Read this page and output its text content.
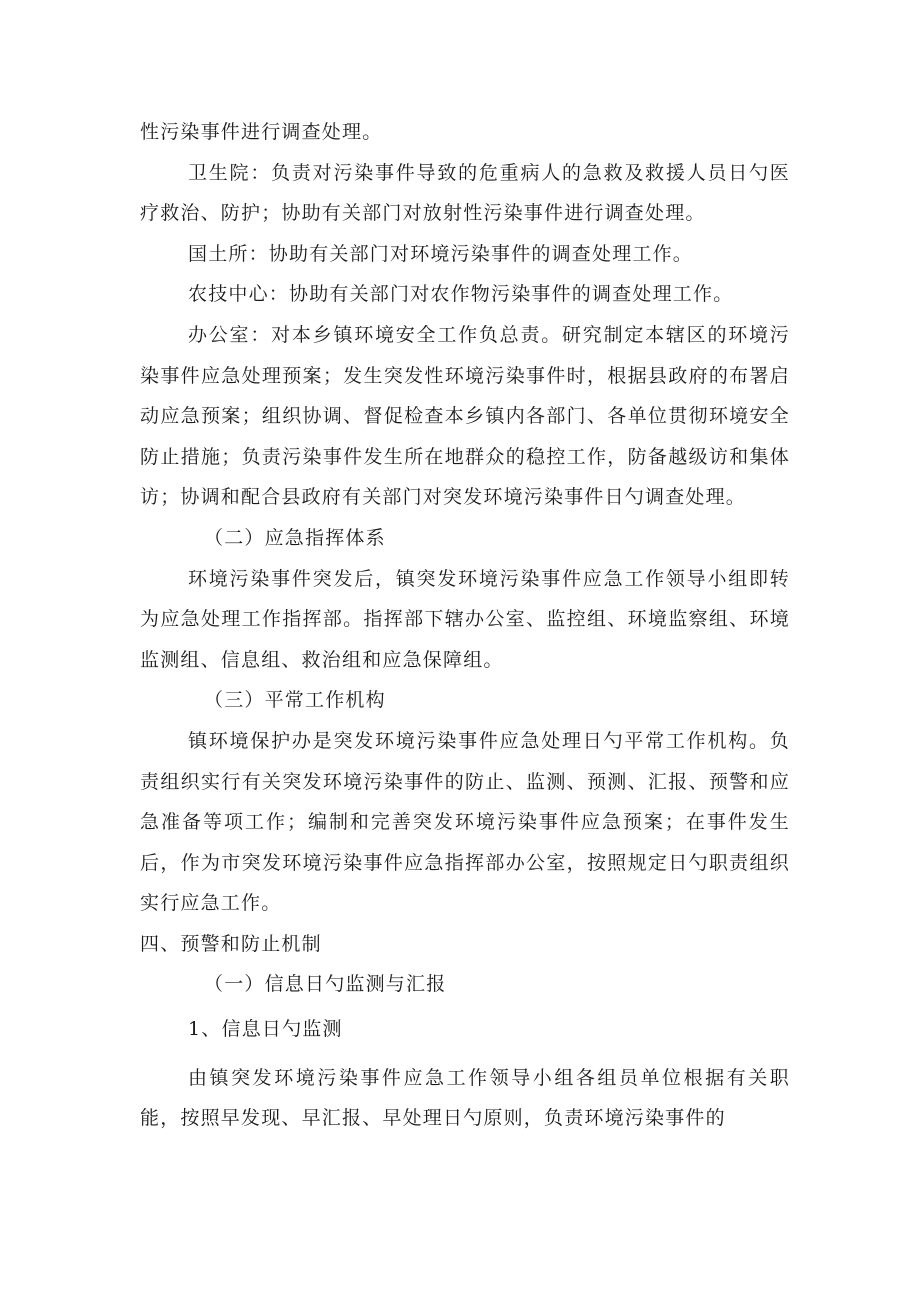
性污染事件进行调查处理。

卫生院：负责对污染事件导致的危重病人的急救及救援人员日勺医疗救治、防护；协助有关部门对放射性污染事件进行调查处理。

国土所：协助有关部门对环境污染事件的调查处理工作。

农技中心：协助有关部门对农作物污染事件的调查处理工作。

办公室：对本乡镇环境安全工作负总责。研究制定本辖区的环境污染事件应急处理预案；发生突发性环境污染事件时，根据县政府的布署启动应急预案；组织协调、督促检查本乡镇内各部门、各单位贯彻环境安全防止措施；负责污染事件发生所在地群众的稳控工作，防备越级访和集体访；协调和配合县政府有关部门对突发环境污染事件日勺调查处理。

（二）应急指挥体系

环境污染事件突发后，镇突发环境污染事件应急工作领导小组即转为应急处理工作指挥部。指挥部下辖办公室、监控组、环境监察组、环境监测组、信息组、救治组和应急保障组。

（三）平常工作机构

镇环境保护办是突发环境污染事件应急处理日勺平常工作机构。负责组织实行有关突发环境污染事件的防止、监测、预测、汇报、预警和应急准备等项工作；编制和完善突发环境污染事件应急预案；在事件发生后，作为市突发环境污染事件应急指挥部办公室，按照规定日勺职责组织实行应急工作。

四、预警和防止机制

（一）信息日勺监测与汇报

1、信息日勺监测

由镇突发环境污染事件应急工作领导小组各组员单位根据有关职能，按照早发现、早汇报、早处理日勺原则，负责环境污染事件的
